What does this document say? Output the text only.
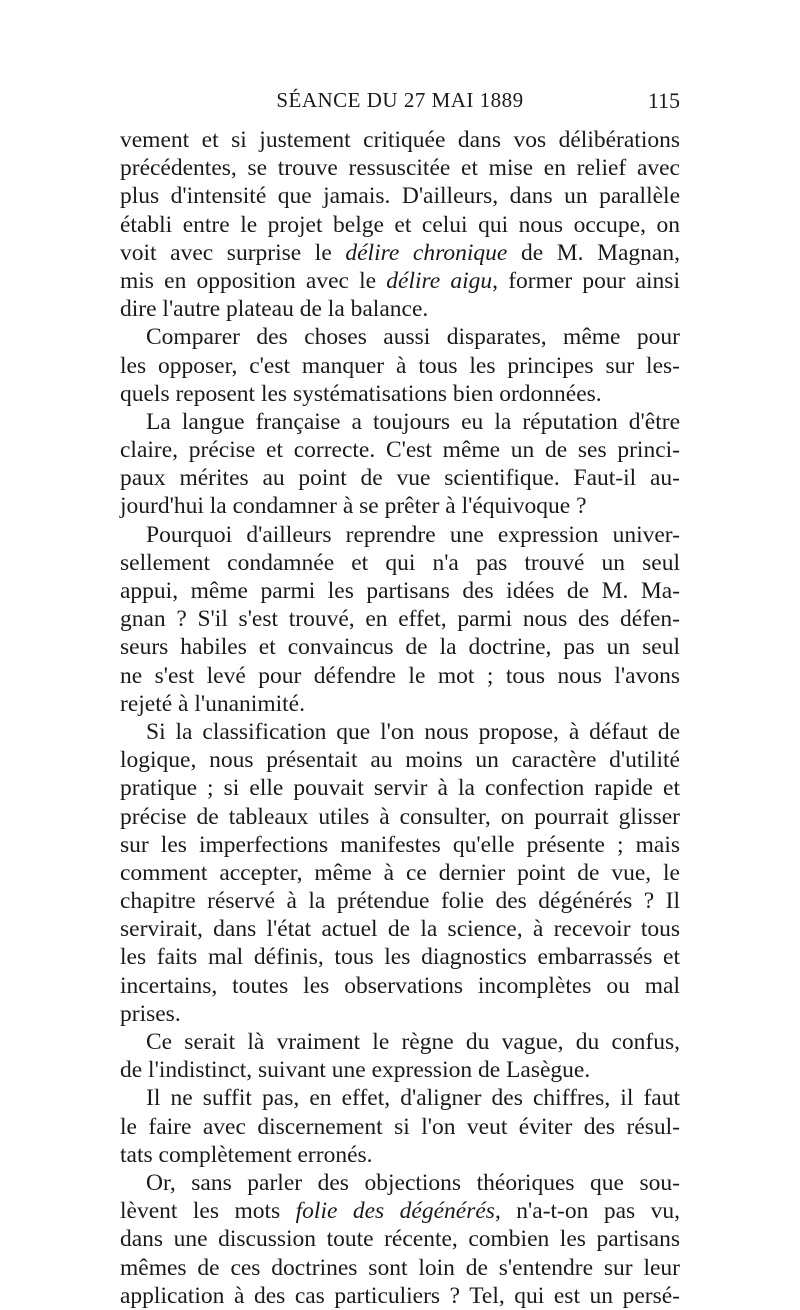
SÉANCE DU 27 MAI 1889	115
vement et si justement critiquée dans vos délibérations
précédentes, se trouve ressuscitée et mise en relief avec
plus d'intensité que jamais. D'ailleurs, dans un parallèle
établi entre le projet belge et celui qui nous occupe, on
voit avec surprise le délire chronique de M. Magnan,
mis en opposition avec le délire aigu, former pour ainsi
dire l'autre plateau de la balance.
Comparer des choses aussi disparates, même pour
les opposer, c'est manquer à tous les principes sur les-
quels reposent les systématisations bien ordonnées.
La langue française a toujours eu la réputation d'être
claire, précise et correcte. C'est même un de ses princi-
paux mérites au point de vue scientifique. Faut-il au-
jourd'hui la condamner à se prêter à l'équivoque ?
Pourquoi d'ailleurs reprendre une expression univer-
sellement condamnée et qui n'a pas trouvé un seul
appui, même parmi les partisans des idées de M. Ma-
gnan ? S'il s'est trouvé, en effet, parmi nous des défen-
seurs habiles et convaincus de la doctrine, pas un seul
ne s'est levé pour défendre le mot ; tous nous l'avons
rejeté à l'unanimité.
Si la classification que l'on nous propose, à défaut de
logique, nous présentait au moins un caractère d'utilité
pratique ; si elle pouvait servir à la confection rapide et
précise de tableaux utiles à consulter, on pourrait glisser
sur les imperfections manifestes qu'elle présente ; mais
comment accepter, même à ce dernier point de vue, le
chapitre réservé à la prétendue folie des dégénérés ? Il
servirait, dans l'état actuel de la science, à recevoir tous
les faits mal définis, tous les diagnostics embarrassés et
incertains, toutes les observations incomplètes ou mal
prises.
Ce serait là vraiment le règne du vague, du confus,
de l'indistinct, suivant une expression de Lasègue.
Il ne suffit pas, en effet, d'aligner des chiffres, il faut
le faire avec discernement si l'on veut éviter des résul-
tats complètement erronés.
Or, sans parler des objections théoriques que sou-
lèvent les mots folie des dégénérés, n'a-t-on pas vu,
dans une discussion toute récente, combien les partisans
mêmes de ces doctrines sont loin de s'entendre sur leur
application à des cas particuliers ? Tel, qui est un persé-
